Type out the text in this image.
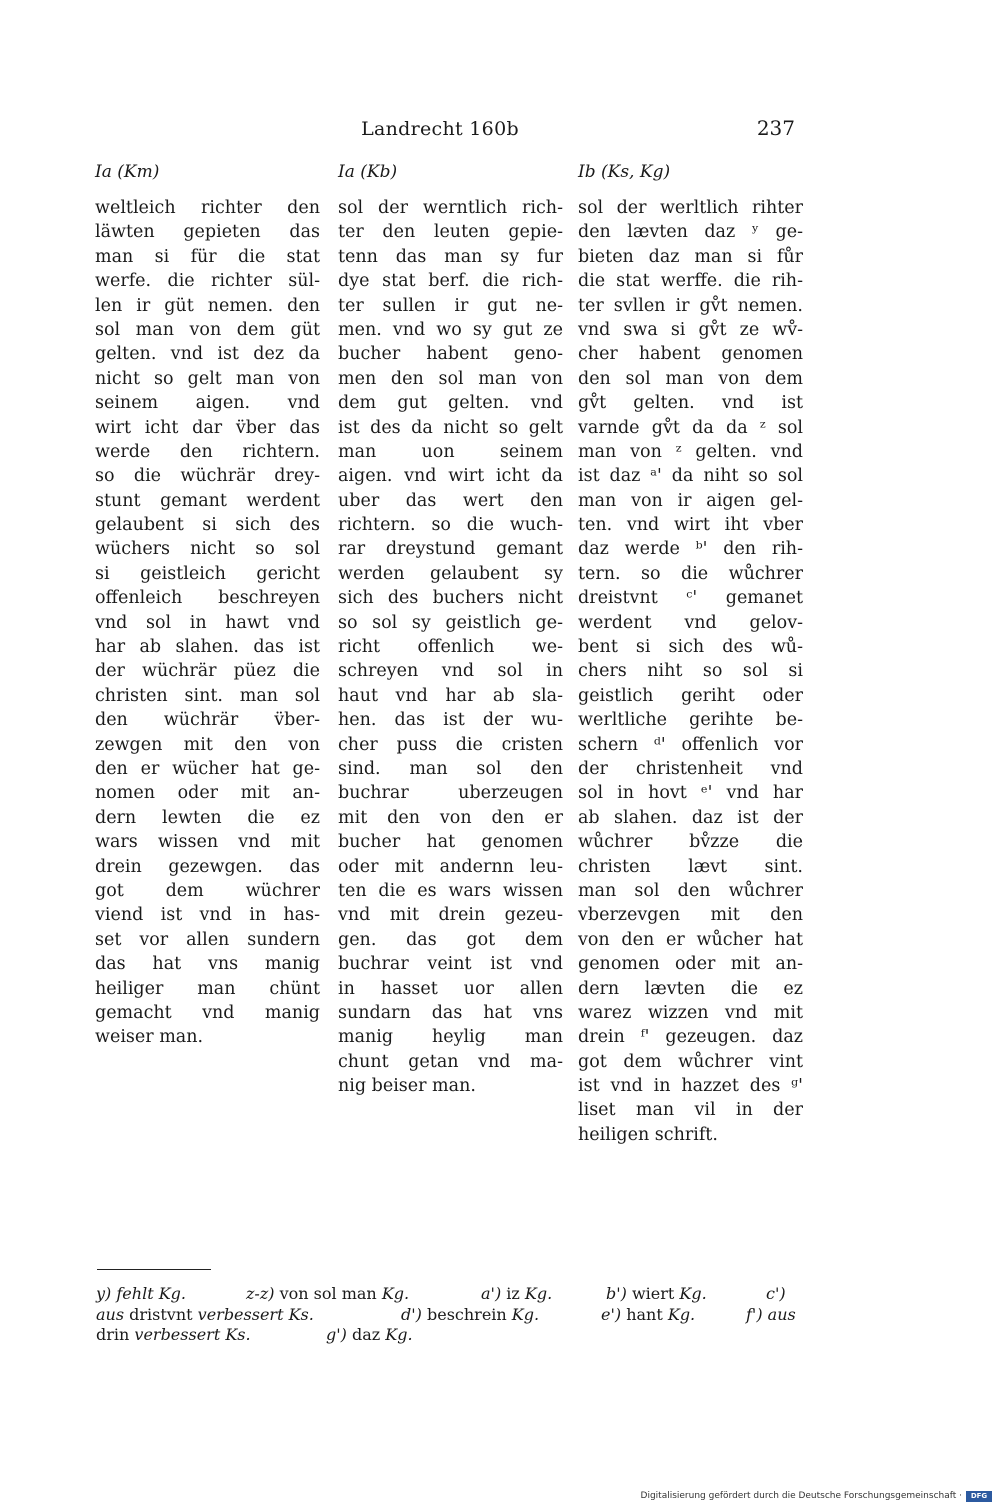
Landrecht 160b	237
Ia (Km)
weltleich richter den
läwten gepieten das
man si für die stat
werfe. die richter sül-
len ir güt nemen. den
sol man von dem güt
gelten. vnd ist dez da
nicht so gelt man von
seinem aigen. vnd
wirt icht dar v̈ber das
werde den richtern.
so die wüchrär drey-
stunt gemant werdent
gelaubent si sich des
wüchers nicht so sol
si geistleich gericht
offenleich beschreyen
vnd sol in hawt vnd
har ab slahen. das ist
der wüchrär püez die
christen sint. man sol
den wüchrär v̈ber-
zewgen mit den von
den er wücher hat ge-
nomen oder mit an-
dern lewten die ez
wars wissen vnd mit
drein gezewgen. das
got dem wüchrer
viend ist vnd in has-
set vor allen sundern
das hat vns manig
heiliger man chünt
gemacht vnd manig
weiser man.
Ia (Kb)
sol der werntlich rich-
ter den leuten gepie-
tenn das man sy fur
dye stat berf. die rich-
ter sullen ir gut ne-
men. vnd wo sy gut ze
bucher habent geno-
men den sol man von
dem gut gelten. vnd
ist des da nicht so gelt
man uon seinem
aigen. vnd wirt icht da
uber das wert den
richtern. so die wuch-
rar dreystund gemant
werden gelaubent sy
sich des buchers nicht
so sol sy geistlich ge-
richt offenlich we-
schreyen vnd sol in
haut vnd har ab sla-
hen. das ist der wu-
cher puss die cristen
sind. man sol den
buchrar uberzeugen
mit den von den er
bucher hat genomen
oder mit andernn leu-
ten die es wars wissen
vnd mit drein gezeu-
gen. das got dem
buchrar veint ist vnd
in hasset uor allen
sundarn das hat vns
manig heylig man
chunt getan vnd ma-
nig beiser man.
Ib (Ks, Kg)
sol der werltlich rihter
den lævten daz ʸ ge-
bieten daz man si fůr
die stat werffe. die rih-
ter svllen ir gv̊t nemen.
vnd swa si gv̊t ze wv̊-
cher habent genomen
den sol man von dem
gv̊t gelten. vnd ist
varnde gv̊t da da ᶻ sol
man von ᶻ gelten. vnd
ist daz ᵃ' da niht so sol
man von ir aigen gel-
ten. vnd wirt iht vber
daz werde ᵇ' den rih-
tern. so die wůchrer
dreistvnt ᶜ' gemanet
werdent vnd gelov-
bent si sich des wů-
chers niht so sol si
geistlich geriht oder
werltliche gerihte be-
schern ᵈ' offenlich vor
der christenheit vnd
sol in hovt ᵉ' vnd har
ab slahen. daz ist der
wůchrer bv̊zze die
christen lævt sint.
man sol den wůchrer
vberzevgen mit den
von den er wůcher hat
genomen oder mit an-
dern lævten die ez
warez wizzen vnd mit
drein ᶠ' gezeugen. daz
got dem wůchrer vint
ist vnd in hazzet des ᵍ'
liset man vil in der
heiligen schrift.
y) fehlt Kg.	z-z) von sol man Kg.	a') iz Kg.	b') wiert Kg.	c')
aus dristvnt verbessert Ks.	d') beschrein Kg.	e') hant Kg.	f') aus
drin verbessert Ks.	g') daz Kg.
Digitalisierung gefördert durch die Deutsche Forschungsgemeinschaft ·	DFG
